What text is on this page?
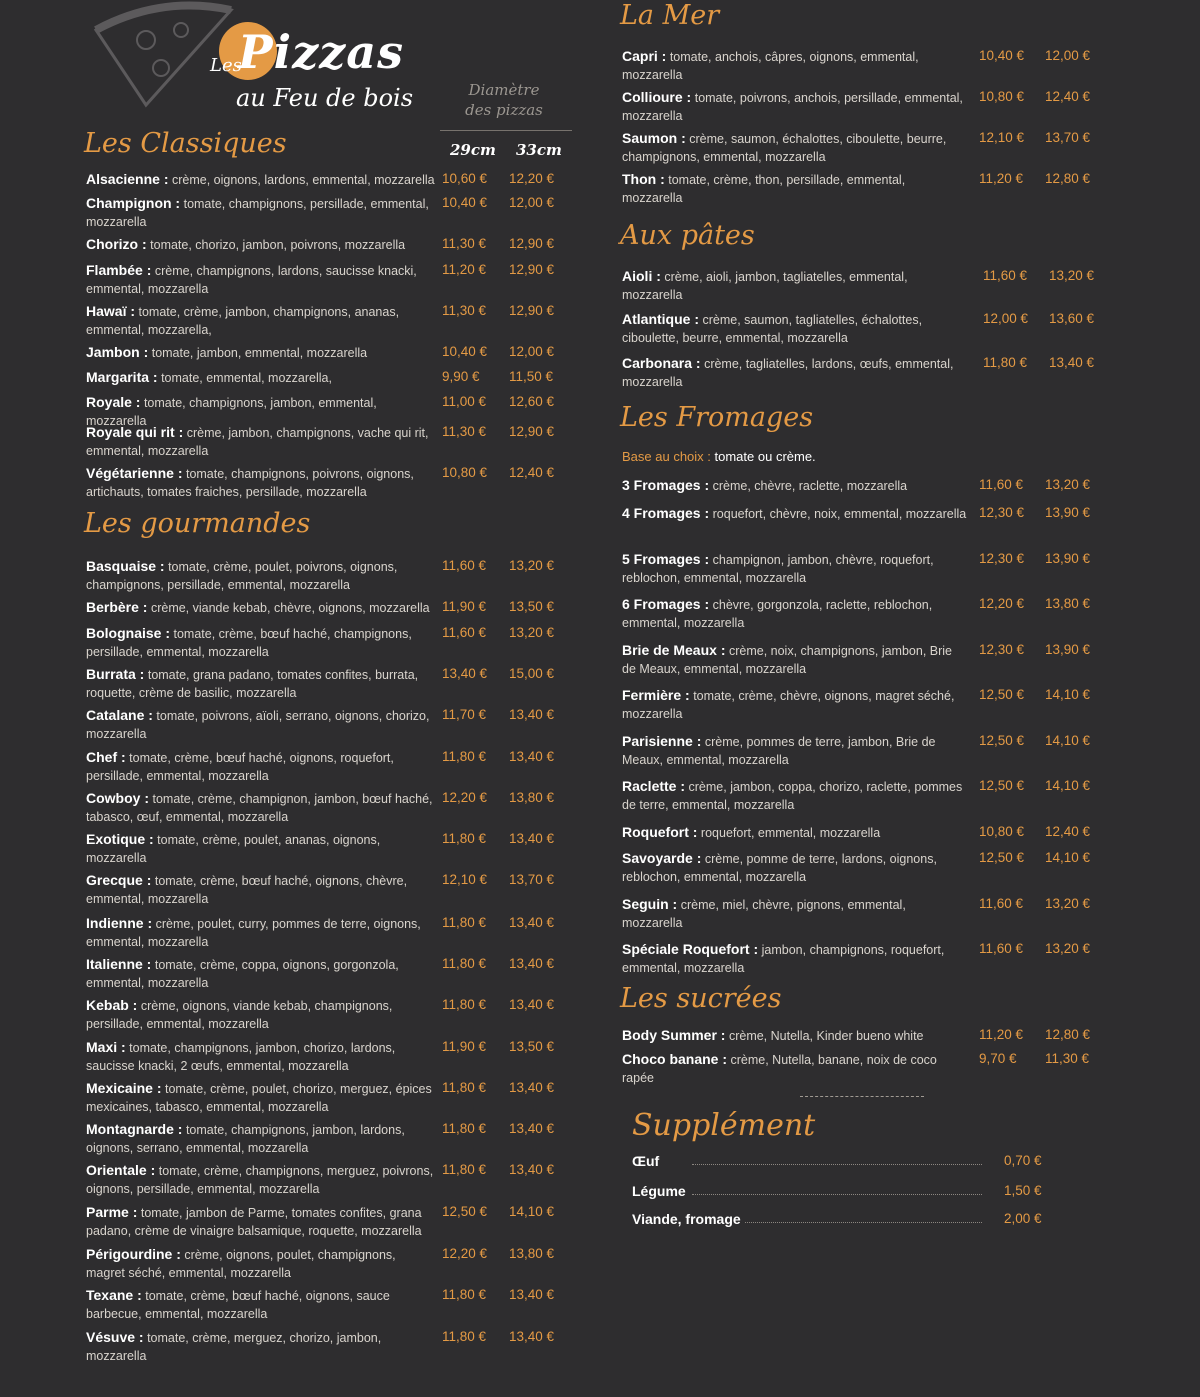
Les
Pizzas
au Feu de bois	Diamètre
des pizzas
29cm 33cm
Les Classiques
Les gourmandes
Alsacienne : crème, oignons, lardons, emmental, mozzarella 10,60 € 12,20 €
Champignon : tomate, champignons, persillade, emmental, mozzarella
10,40 € 12,00 €
Chorizo : tomate, chorizo, jambon, poivrons, mozzarella	11,30 € 12,90 €
Flambée : crème, champignons, lardons, saucisse knacki, emmental, mozzarella
11,20 € 12,90 €
Hawaï : tomate, crème, jambon, champignons, ananas, emmental, mozzarella,
11,30 € 12,90 €
Jambon : tomate, jambon, emmental, mozzarella	10,40 € 12,00 €
Margarita : tomate, emmental, mozzarella,	9,90 € 11,50 €
Royale : tomate, champignons, jambon, emmental, mozzarella
11,00 € 12,60 €
Royale qui rit : crème, jambon, champignons, vache qui rit, emmental, mozzarella
11,30 € 12,90 €
Végétarienne : tomate, champignons, poivrons, oignons, artichauts, tomates fraiches, persillade, mozzarella
10,80 € 12,40 €
Basquaise : tomate, crème, poulet, poivrons, oignons, champignons, persillade, emmental, mozzarella
11,60 € 13,20 €
Berbère : crème, viande kebab, chèvre, oignons, mozzarella 11,90 € 13,50 €
Bolognaise : tomate, crème, bœuf haché, champignons, persillade, emmental, mozzarella
11,60 € 13,20 €
Burrata : tomate, grana padano, tomates confites, burrata, roquette, crème de basilic, mozzarella
13,40 € 15,00 €
Catalane : tomate, poivrons, aïoli, serrano, oignons, chorizo, mozzarella
11,70 € 13,40 €
Chef : tomate, crème, bœuf haché, oignons, roquefort, persillade, emmental, mozzarella
11,80 € 13,40 €
Cowboy : tomate, crème, champignon, jambon, bœuf haché, tabasco, œuf, emmental, mozzarella
12,20 € 13,80 €
Exotique : tomate, crème, poulet, ananas, oignons, mozzarella
11,80 € 13,40 €
Grecque : tomate, crème, bœuf haché, oignons, chèvre, emmental, mozzarella
12,10 € 13,70 €
Indienne : crème, poulet, curry, pommes de terre, oignons, emmental, mozzarella
11,80 € 13,40 €
Italienne : tomate, crème, coppa, oignons, gorgonzola, emmental, mozzarella
11,80 € 13,40 €
Kebab : crème, oignons, viande kebab, champignons, persillade, emmental, mozzarella
11,80 € 13,40 €
Maxi : tomate, champignons, jambon, chorizo, lardons, saucisse knacki, 2 œufs, emmental, mozzarella
11,90 € 13,50 €
Mexicaine : tomate, crème, poulet, chorizo, merguez, épices mexicaines, tabasco, emmental, mozzarella
11,80 € 13,40 €
Montagnarde : tomate, champignons, jambon, lardons, oignons, serrano, emmental, mozzarella
11,80 € 13,40 €
Orientale : tomate, crème, champignons, merguez, poivrons, oignons, persillade, emmental, mozzarella
11,80 € 13,40 €
Parme : tomate, jambon de Parme, tomates confites, grana padano, crème de vinaigre balsamique, roquette, mozzarella
12,50 € 14,10 €
Périgourdine : crème, oignons, poulet, champignons, magret séché, emmental, mozzarella
12,20 € 13,80 €
Texane : tomate, crème, bœuf haché, oignons, sauce barbecue, emmental, mozzarella
11,80 € 13,40 €
Vésuve : tomate, crème, merguez, chorizo, jambon, mozzarella
11,80 € 13,40 €
La Mer
Aux pâtes
Les Fromages
Base au choix : tomate ou crème.
Les sucrées
Capri : tomate, anchois, câpres, oignons, emmental, mozzarella
10,40 € 12,00 €
Collioure : tomate, poivrons, anchois, persillade, emmental, mozzarella
10,80 € 12,40 €
Saumon : crème, saumon, échalottes, ciboulette, beurre, champignons, emmental, mozzarella
12,10 € 13,70 €
Thon : tomate, crème, thon, persillade, emmental, mozzarella
11,20 € 12,80 €
Aioli : crème, aioli, jambon, tagliatelles, emmental, mozzarella
11,60 € 13,20 €
Atlantique : crème, saumon, tagliatelles, échalottes, ciboulette, beurre, emmental, mozzarella
12,00 € 13,60 €
Carbonara : crème, tagliatelles, lardons, œufs, emmental, mozzarella
11,80 € 13,40 €
3 Fromages : crème, chèvre, raclette, mozzarella	11,60 € 13,20 €
4 Fromages : roquefort, chèvre, noix, emmental, mozzarella 12,30 € 13,90 €
5 Fromages : champignon, jambon, chèvre, roquefort, reblochon, emmental, mozzarella
12,30 € 13,90 €
6 Fromages : chèvre, gorgonzola, raclette, reblochon, emmental, mozzarella
12,20 € 13,80 €
Brie de Meaux : crème, noix, champignons, jambon, Brie de Meaux, emmental, mozzarella
12,30 € 13,90 €
Fermière : tomate, crème, chèvre, oignons, magret séché, mozzarella
12,50 € 14,10 €
Parisienne : crème, pommes de terre, jambon, Brie de Meaux, emmental, mozzarella
12,50 € 14,10 €
Raclette : crème, jambon, coppa, chorizo, raclette, pommes de terre, emmental, mozzarella
12,50 € 14,10 €
Roquefort : roquefort, emmental, mozzarella	10,80 € 12,40 €
Savoyarde : crème, pomme de terre, lardons, oignons, reblochon, emmental, mozzarella
12,50 € 14,10 €
Seguin : crème, miel, chèvre, pignons, emmental, mozzarella
11,60 € 13,20 €
Spéciale Roquefort : jambon, champignons, roquefort, emmental, mozzarella
11,60 € 13,20 €
Body Summer : crème, Nutella, Kinder bueno white	11,20 € 12,80 €
Choco banane : crème, Nutella, banane, noix de coco rapée
9,70 € 11,30 €
Supplément
Œuf	0,70 €
Légume	1,50 €
Viande, fromage	2,00 €
